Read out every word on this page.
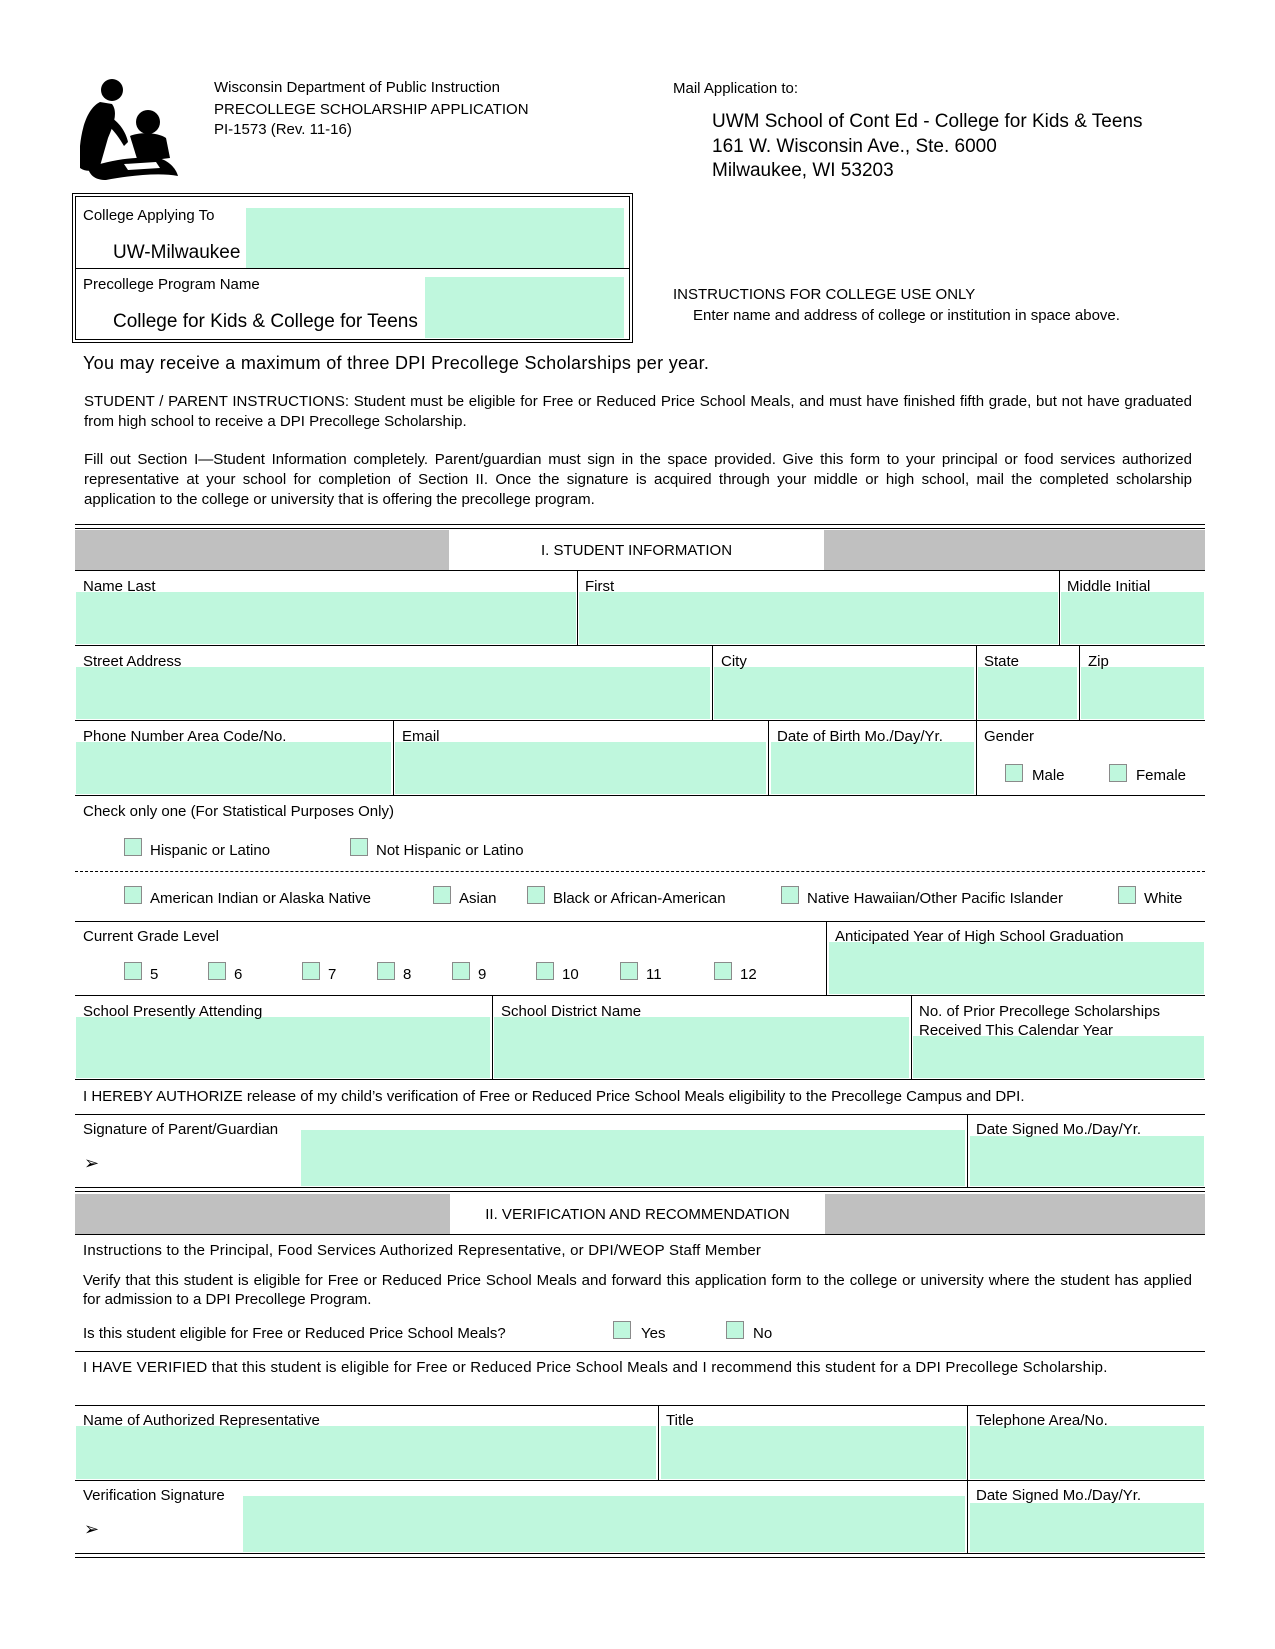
Wisconsin Department of Public Instruction
PRECOLLEGE SCHOLARSHIP APPLICATION
PI-1573 (Rev. 11-16)
Mail Application to:
UWM School of Cont Ed - College for Kids & Teens
161 W. Wisconsin Ave., Ste. 6000
Milwaukee, WI 53203
College Applying To
UW-Milwaukee
Precollege Program Name
College for Kids & College for Teens
INSTRUCTIONS FOR COLLEGE USE ONLY
Enter name and address of college or institution in space above.
You may receive a maximum of three DPI Precollege Scholarships per year.
STUDENT / PARENT INSTRUCTIONS: Student must be eligible for Free or Reduced Price School Meals, and must have finished fifth grade, but not have graduated from high school to receive a DPI Precollege Scholarship.
Fill out Section I—Student Information completely. Parent/guardian must sign in the space provided. Give this form to your principal or food services authorized representative at your school for completion of Section II. Once the signature is acquired through your middle or high school, mail the completed scholarship application to the college or university that is offering the precollege program.
I. STUDENT INFORMATION
Name Last	First	Middle Initial
Street Address	City	State	Zip
Phone Number Area Code/No.	Email	Date of Birth Mo./Day/Yr.	Gender
Male	Female
Check only one (For Statistical Purposes Only)
Hispanic or Latino	Not Hispanic or Latino
American Indian or Alaska Native	Asian	Black or African-American	Native Hawaiian/Other Pacific Islander	White
Current Grade Level
5	6	7	8	9	10	11	12
Anticipated Year of High School Graduation
School Presently Attending	School District Name	No. of Prior Precollege Scholarships
Received This Calendar Year
I HEREBY AUTHORIZE release of my child’s verification of Free or Reduced Price School Meals eligibility to the Precollege Campus and DPI.
Signature of Parent/Guardian
➢
Date Signed Mo./Day/Yr.
II. VERIFICATION AND RECOMMENDATION
Instructions to the Principal, Food Services Authorized Representative, or DPI/WEOP Staff Member
Verify that this student is eligible for Free or Reduced Price School Meals and forward this application form to the college or university where the student has applied for admission to a DPI Precollege Program.
Is this student eligible for Free or Reduced Price School Meals?	Yes	No
I HAVE VERIFIED that this student is eligible for Free or Reduced Price School Meals and I recommend this student for a DPI Precollege Scholarship.
Name of Authorized Representative	Title	Telephone Area/No.
Verification Signature
➢
Date Signed Mo./Day/Yr.
